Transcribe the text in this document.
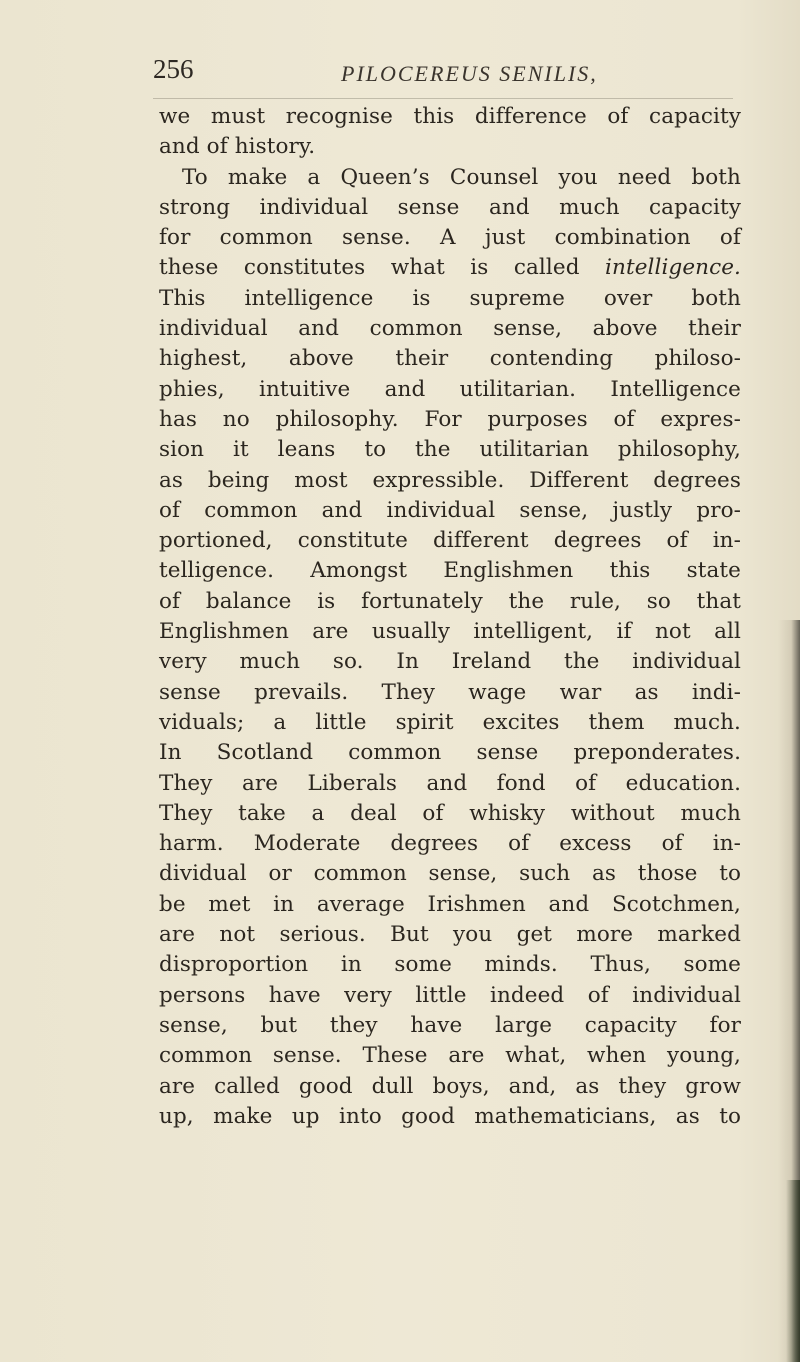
256	PILOCEREUS SENILIS,
we must recognise this difference of capacity
and of history.
To make a Queen’s Counsel you need both
strong individual sense and much capacity
for common sense. A just combination of
these constitutes what is called intelligence.
This intelligence is supreme over both
individual and common sense, above their
highest, above their contending philoso-
phies, intuitive and utilitarian. Intelligence
has no philosophy. For purposes of expres-
sion it leans to the utilitarian philosophy,
as being most expressible. Different degrees
of common and individual sense, justly pro-
portioned, constitute different degrees of in-
telligence. Amongst Englishmen this state
of balance is fortunately the rule, so that
Englishmen are usually intelligent, if not all
very much so. In Ireland the individual
sense prevails. They wage war as indi-
viduals; a little spirit excites them much.
In Scotland common sense preponderates.
They are Liberals and fond of education.
They take a deal of whisky without much
harm. Moderate degrees of excess of in-
dividual or common sense, such as those to
be met in average Irishmen and Scotchmen,
are not serious. But you get more marked
disproportion in some minds. Thus, some
persons have very little indeed of individual
sense, but they have large capacity for
common sense. These are what, when young,
are called good dull boys, and, as they grow
up, make up into good mathematicians, as to
